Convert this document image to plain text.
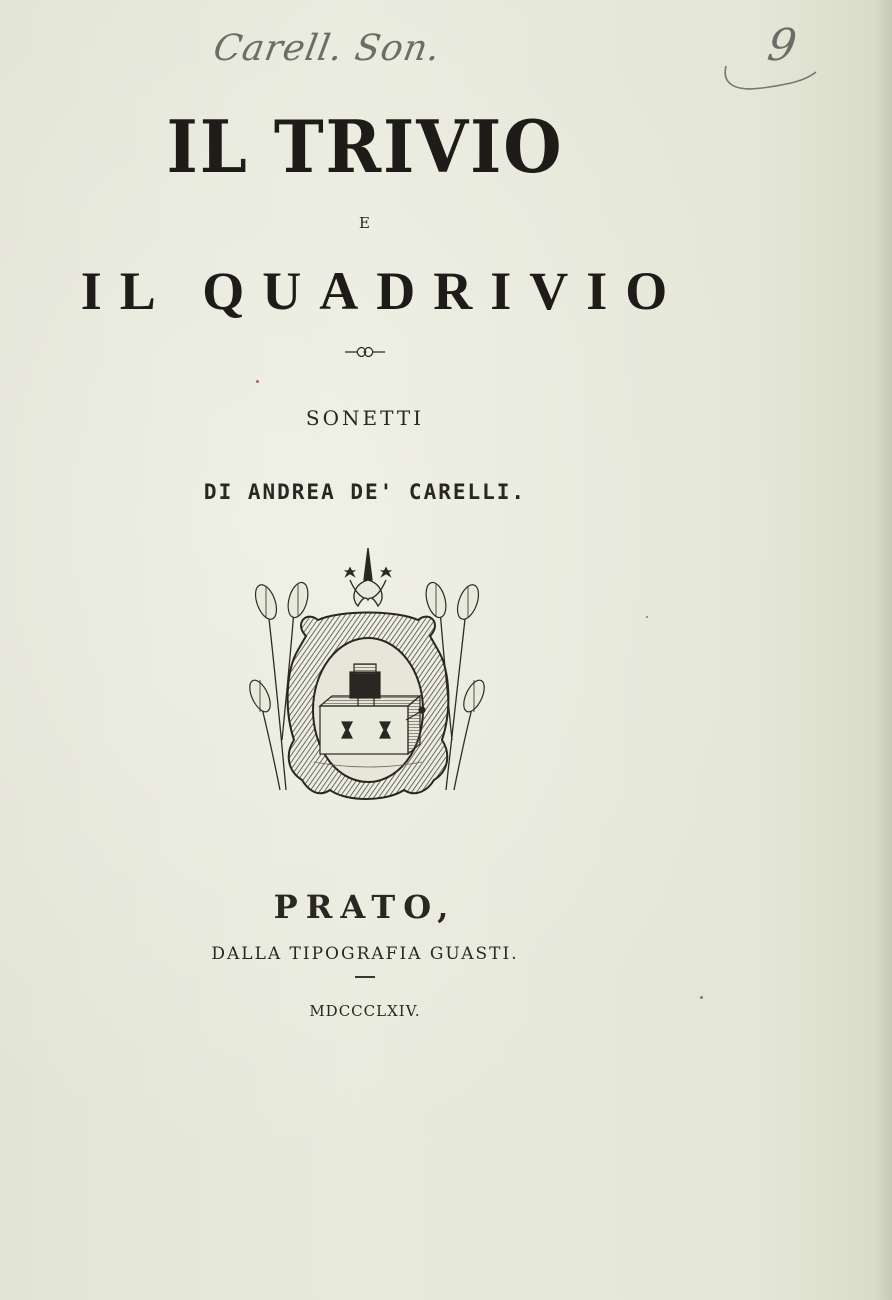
Carell. Son.	9
IL TRIVIO
E
IL QUADRIVIO
SONETTI
DI ANDREA DE' CARELLI.
PRATO,
DALLA TIPOGRAFIA GUASTI.
MDCCCLXIV.
